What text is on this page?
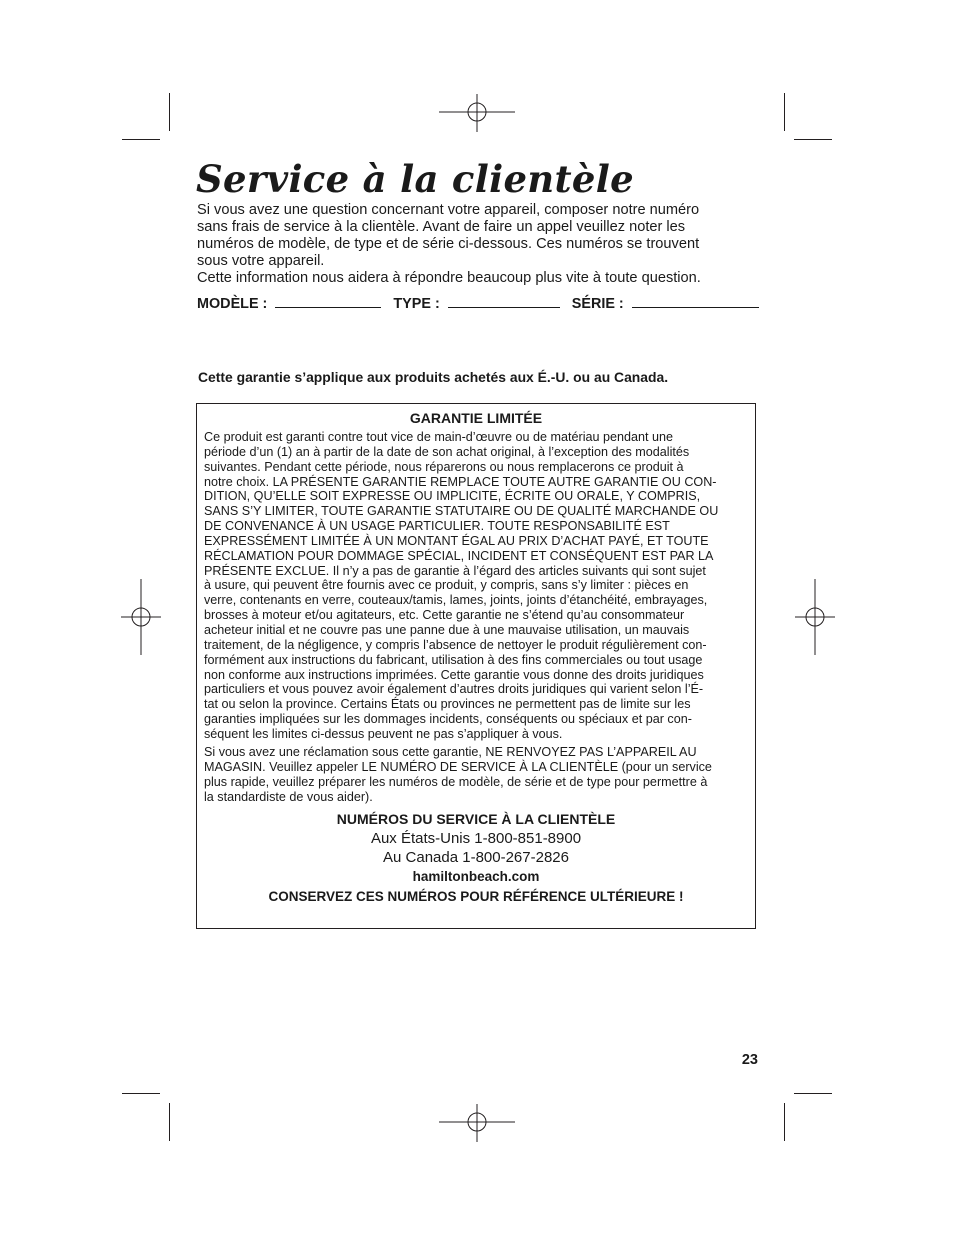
Service à la clientèle
Si vous avez une question concernant votre appareil, composer notre numéro
sans frais de service à la clientèle. Avant de faire un appel veuillez noter les
numéros de modèle, de type et de série ci-dessous. Ces numéros se trouvent
sous votre appareil.
Cette information nous aidera à répondre beaucoup plus vite à toute question.
MODÈLE :	TYPE :	SÉRIE :
Cette garantie s’applique aux produits achetés aux É.-U. ou au Canada.
GARANTIE LIMITÉE
Ce produit est garanti contre tout vice de main-d’œuvre ou de matériau pendant une
période d’un (1) an à partir de la date de son achat original, à l’exception des modalités
suivantes. Pendant cette période, nous réparerons ou nous remplacerons ce produit à
notre choix. LA PRÉSENTE GARANTIE REMPLACE TOUTE AUTRE GARANTIE OU CON-
DITION, QU’ELLE SOIT EXPRESSE OU IMPLICITE, ÉCRITE OU ORALE, Y COMPRIS,
SANS S’Y LIMITER, TOUTE GARANTIE STATUTAIRE OU DE QUALITÉ MARCHANDE OU
DE CONVENANCE À UN USAGE PARTICULIER. TOUTE RESPONSABILITÉ EST
EXPRESSÉMENT LIMITÉE À UN MONTANT ÉGAL AU PRIX D’ACHAT PAYÉ, ET TOUTE
RÉCLAMATION POUR DOMMAGE SPÉCIAL, INCIDENT ET CONSÉQUENT EST PAR LA
PRÉSENTE EXCLUE. Il n’y a pas de garantie à l’égard des articles suivants qui sont sujet
à usure, qui peuvent être fournis avec ce produit, y compris, sans s’y limiter : pièces en
verre, contenants en verre, couteaux/tamis, lames, joints, joints d’étanchéité, embrayages,
brosses à moteur et/ou agitateurs, etc. Cette garantie ne s’étend qu’au consommateur
acheteur initial et ne couvre pas une panne due à une mauvaise utilisation, un mauvais
traitement, de la négligence, y compris l’absence de nettoyer le produit régulièrement con-
formément aux instructions du fabricant, utilisation à des fins commerciales ou tout usage
non conforme aux instructions imprimées. Cette garantie vous donne des droits juridiques
particuliers et vous pouvez avoir également d’autres droits juridiques qui varient selon l’É-
tat ou selon la province. Certains États ou provinces ne permettent pas de limite sur les
garanties impliquées sur les dommages incidents, conséquents ou spéciaux et par con-
séquent les limites ci-dessus peuvent ne pas s’appliquer à vous.
Si vous avez une réclamation sous cette garantie, NE RENVOYEZ PAS L’APPAREIL AU
MAGASIN. Veuillez appeler LE NUMÉRO DE SERVICE À LA CLIENTÈLE (pour un service
plus rapide, veuillez préparer les numéros de modèle, de série et de type pour permettre à
la standardiste de vous aider).
NUMÉROS DU SERVICE À LA CLIENTÈLE
Aux États-Unis 1-800-851-8900
Au Canada 1-800-267-2826
hamiltonbeach.com
CONSERVEZ CES NUMÉROS POUR RÉFÉRENCE ULTÉRIEURE !
23
